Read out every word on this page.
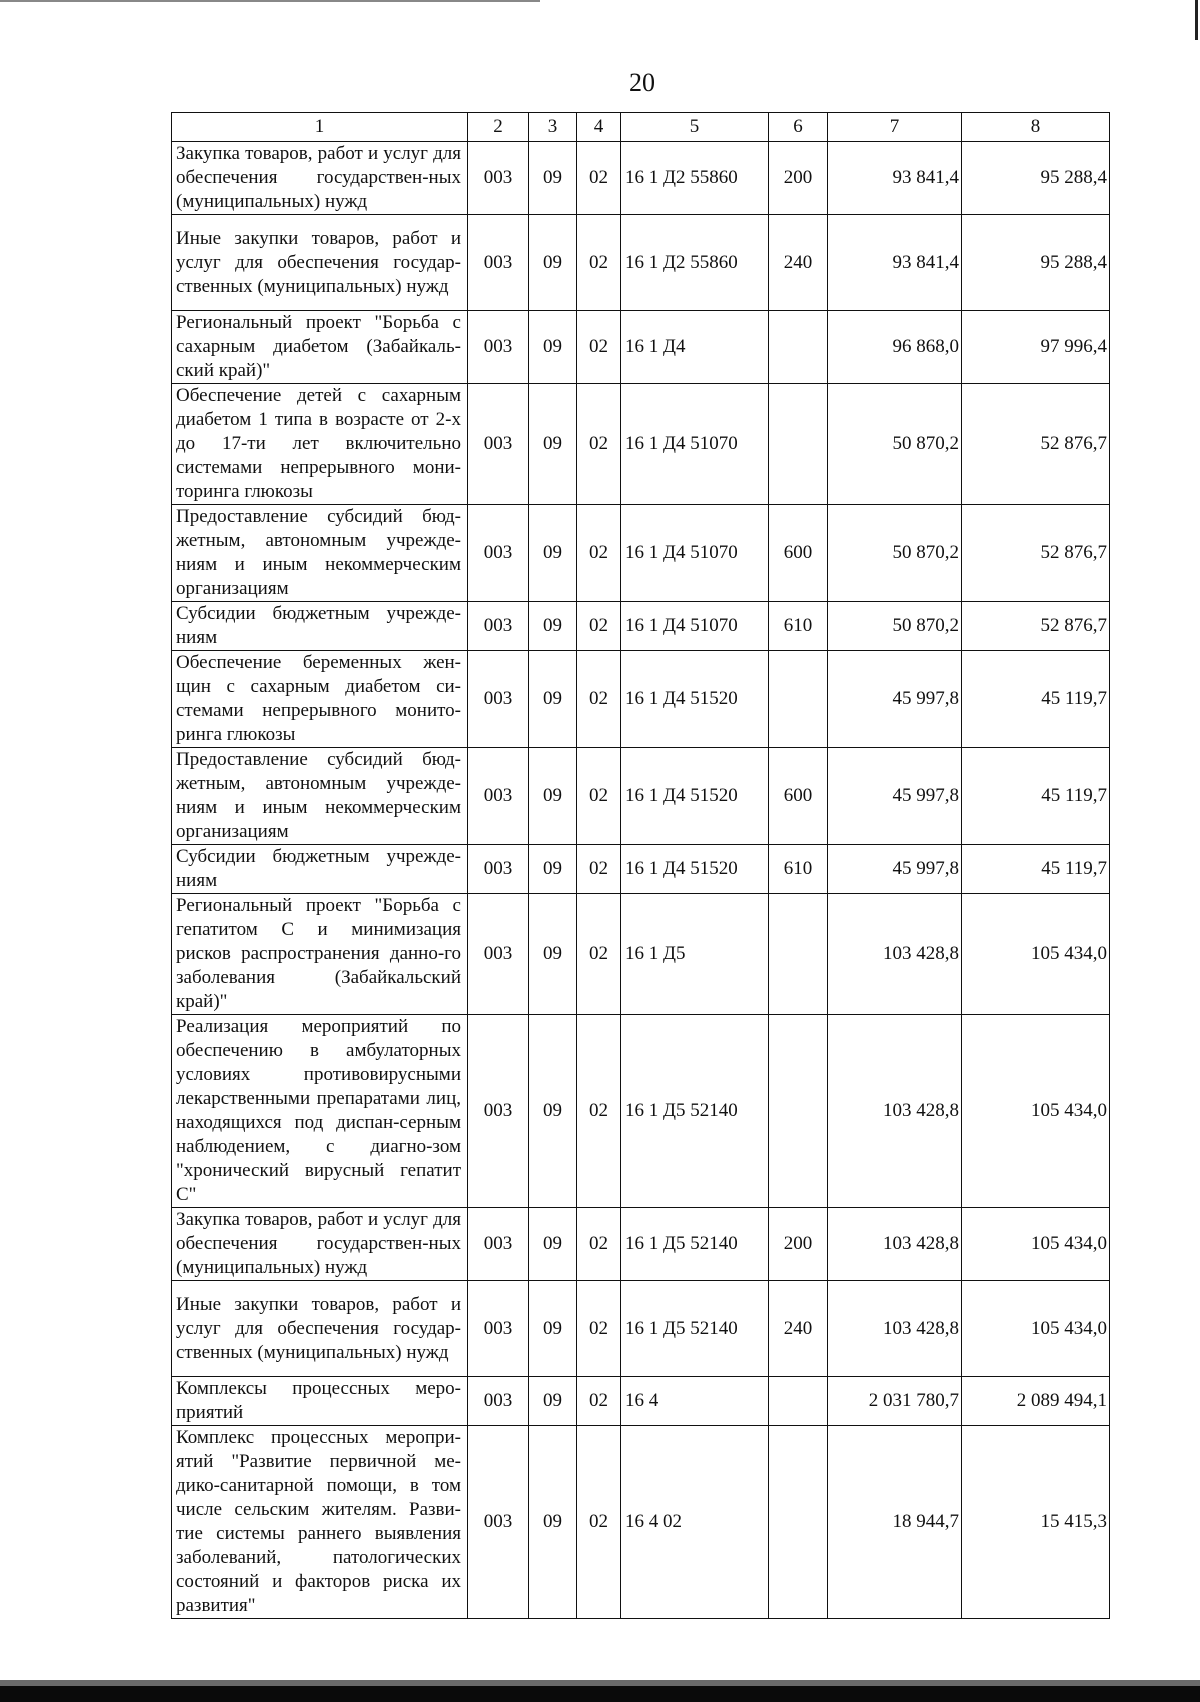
20
1	2	3	4	5	6	7	8
Закупка товаров, работ и услуг для обеспечения государствен-ных (муниципальных) нужд	003	09	02	16 1 Д2 55860	200	93 841,4	95 288,4
Иные закупки товаров, работ и услуг для обеспечения государ-ственных (муниципальных) нужд	003	09	02	16 1 Д2 55860	240	93 841,4	95 288,4
Региональный проект "Борьба с сахарным диабетом (Забайкаль-ский край)"	003	09	02	16 1 Д4		96 868,0	97 996,4
Обеспечение детей с сахарным диабетом 1 типа в возрасте от 2-х до 17-ти лет включительно системами непрерывного мони-торинга глюкозы	003	09	02	16 1 Д4 51070		50 870,2	52 876,7
Предоставление субсидий бюд-жетным, автономным учрежде-ниям и иным некоммерческим организациям	003	09	02	16 1 Д4 51070	600	50 870,2	52 876,7
Субсидии бюджетным учрежде-ниям	003	09	02	16 1 Д4 51070	610	50 870,2	52 876,7
Обеспечение беременных жен-щин с сахарным диабетом си-стемами непрерывного монито-ринга глюкозы	003	09	02	16 1 Д4 51520		45 997,8	45 119,7
Предоставление субсидий бюд-жетным, автономным учрежде-ниям и иным некоммерческим организациям	003	09	02	16 1 Д4 51520	600	45 997,8	45 119,7
Субсидии бюджетным учрежде-ниям	003	09	02	16 1 Д4 51520	610	45 997,8	45 119,7
Региональный проект "Борьба с гепатитом С и минимизация рисков распространения данно-го заболевания (Забайкальский край)"	003	09	02	16 1 Д5		103 428,8	105 434,0
Реализация мероприятий по обеспечению в амбулаторных условиях противовирусными лекарственными препаратами лиц, находящихся под диспан-серным наблюдением, с диагно-зом "хронический вирусный гепатит С"	003	09	02	16 1 Д5 52140		103 428,8	105 434,0
Закупка товаров, работ и услуг для обеспечения государствен-ных (муниципальных) нужд	003	09	02	16 1 Д5 52140	200	103 428,8	105 434,0
Иные закупки товаров, работ и услуг для обеспечения государ-ственных (муниципальных) нужд	003	09	02	16 1 Д5 52140	240	103 428,8	105 434,0
Комплексы процессных меро-приятий	003	09	02	16 4		2 031 780,7	2 089 494,1
Комплекс процессных меропри-ятий "Развитие первичной ме-дико-санитарной помощи, в том числе сельским жителям. Разви-тие системы раннего выявления заболеваний, патологических состояний и факторов риска их развития"	003	09	02	16 4 02		18 944,7	15 415,3
